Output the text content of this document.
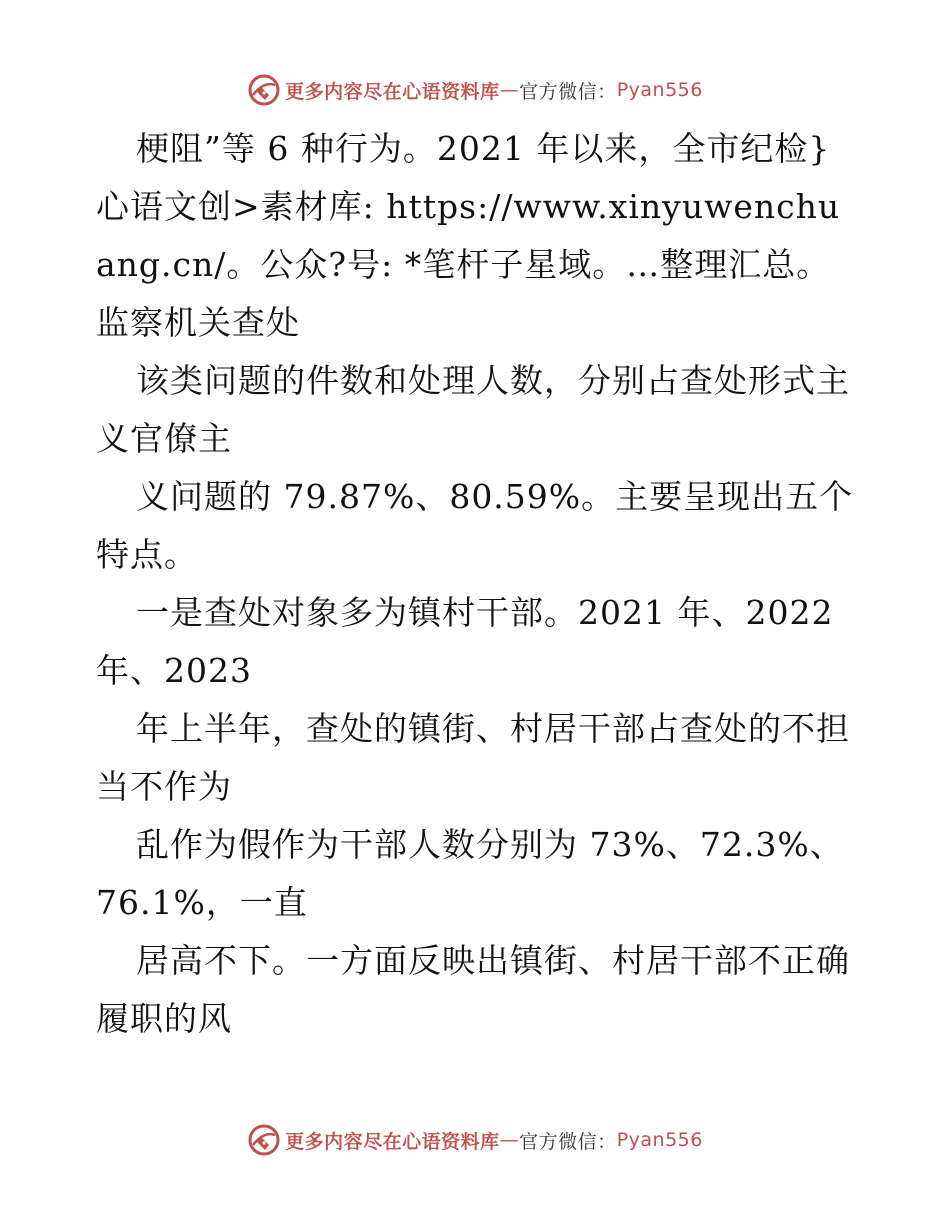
更多内容尽在心语资料库 — 官方微信： Pyan556

梗阻”等 6 种行为。2021 年以来，全市纪检}心语文创>素材库: https://www.xinyuwenchuang.cn/。公众?号: *笔杆子星域。…整理汇总。监察机关查处

该类问题的件数和处理人数，分别占查处形式主义官僚主

义问题的 79.87%、80.59%。主要呈现出五个特点。

一是查处对象多为镇村干部。2021 年、2022 年、2023

年上半年，查处的镇街、村居干部占查处的不担当不作为

乱作为假作为干部人数分别为 73%、72.3%、76.1%，一直

居高不下。一方面反映出镇街、村居干部不正确履职的风

更多内容尽在心语资料库 — 官方微信： Pyan556
